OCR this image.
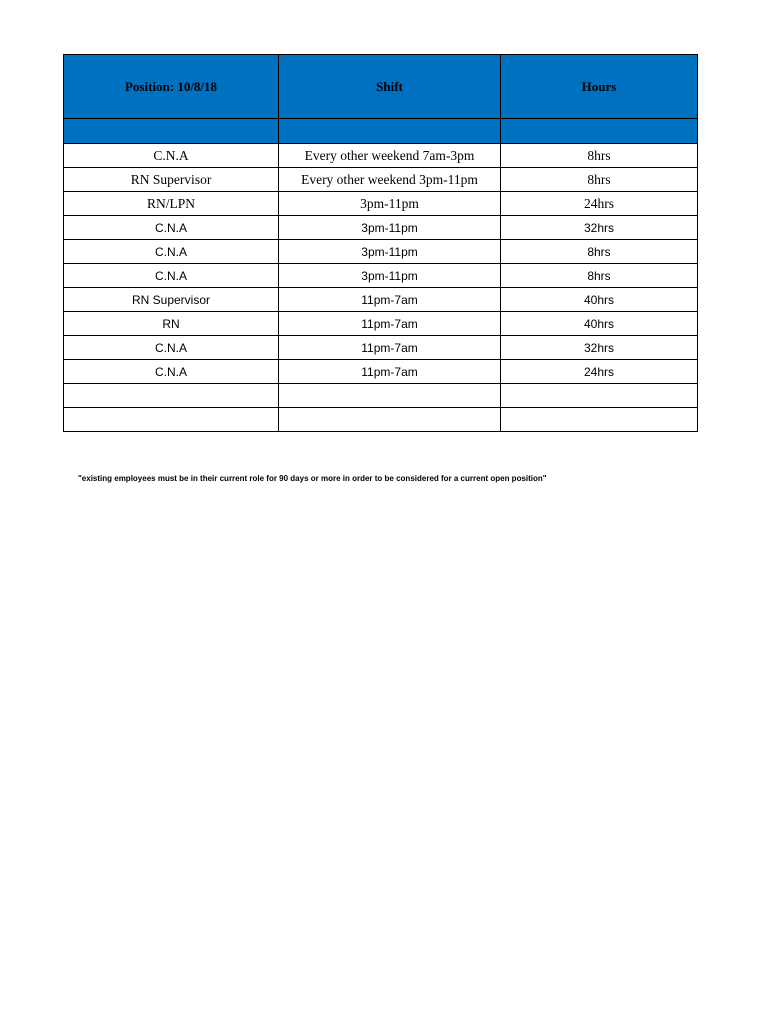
Position: 10/8/18	Shift	Hours

C.N.A	Every other weekend 7am-3pm	8hrs
RN Supervisor	Every other weekend 3pm-11pm	8hrs
RN/LPN	3pm-11pm	24hrs
C.N.A	3pm-11pm	32hrs
C.N.A	3pm-11pm	8hrs
C.N.A	3pm-11pm	8hrs
RN Supervisor	11pm-7am	40hrs
RN	11pm-7am	40hrs
C.N.A	11pm-7am	32hrs
C.N.A	11pm-7am	24hrs

"existing employees must be in their current role for 90 days or more in order to be considered for a current open position"
